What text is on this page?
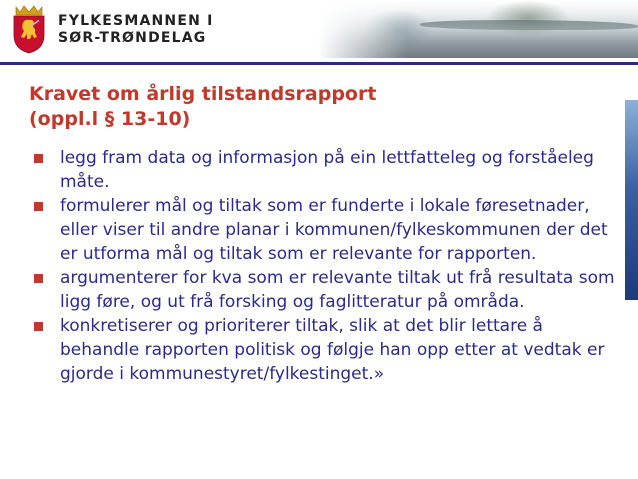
FYLKESMANNEN I
SØR-TRØNDELAG
Kravet om årlig tilstandsrapport
(oppl.l § 13-10)
legg fram data og informasjon på ein lettfatteleg og forståeleg måte.
formulerer mål og tiltak som er funderte i lokale føresetnader, eller viser til andre planar i kommunen/fylkeskommunen der det er utforma mål og tiltak som er relevante for rapporten.
argumenterer for kva som er relevante tiltak ut frå resultata som ligg føre, og ut frå forsking og faglitteratur på områda.
konkretiserer og prioriterer tiltak, slik at det blir lettare å behandle rapporten politisk og følgje han opp etter at vedtak er gjorde i kommunestyret/fylkestinget.»
